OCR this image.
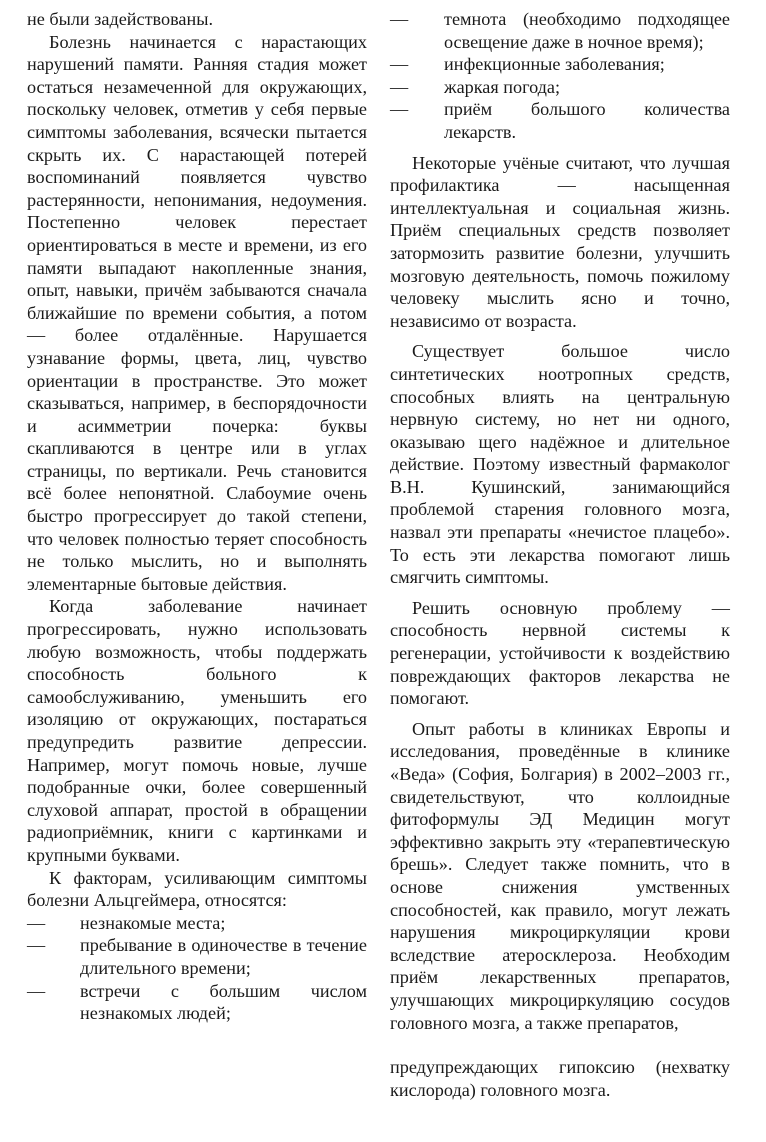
не были задействованы.

Болезнь начинается с нарастающих нарушений памяти. Ранняя стадия может остаться незамеченной для окружающих, поскольку человек, отметив у себя первые симптомы заболевания, всячески пытается скрыть их. С нарастающей потерей воспоминаний появляется чувство растерянности, непонимания, недоумения. Постепенно человек перестает ориентироваться в месте и времени, из его памяти выпадают накопленные знания, опыт, навыки, причём забываются сначала ближайшие по времени события, а потом — более отдалённые. Нарушается узнавание формы, цвета, лиц, чувство ориентации в пространстве. Это может сказываться, например, в беспорядочности и асимметрии почерка: буквы скапливаются в центре или в углах страницы, по вертикали. Речь становится всё более непонятной. Слабоумие очень быстро прогрессирует до такой степени, что человек полностью теряет способность не только мыслить, но и выполнять элементарные бытовые действия.

Когда заболевание начинает прогрессировать, нужно использовать любую возможность, чтобы поддержать способность больного к самообслуживанию, уменьшить его изоляцию от окружающих, постараться предупредить развитие депрессии. Например, могут помочь новые, лучше подобранные очки, более совершенный слуховой аппарат, простой в обращении радиоприёмник, книги с картинками и крупными буквами.

К факторам, усиливающим симптомы болезни Альцгеймера, относятся:

— незнакомые места;
— пребывание в одиночестве в течение длительного времени;
— встречи с большим числом незнакомых людей;
— темнота (необходимо подходящее освещение даже в ночное время);
— инфекционные заболевания;
— жаркая погода;
— приём большого количества лекарств.

Некоторые учёные считают, что лучшая профилактика — насыщенная интеллектуальная и социальная жизнь. Приём специальных средств позволяет затормозить развитие болезни, улучшить мозговую деятельность, помочь пожилому человеку мыслить ясно и точно, независимо от возраста.

Существует большое число синтетических ноотропных средств, способных влиять на центральную нервную систему, но нет ни одного, оказываю щего надёжное и длительное действие. Поэтому известный фармаколог В.Н. Кушинский, занимающийся проблемой старения головного мозга, назвал эти препараты «нечистое плацебо». То есть эти лекарства помогают лишь смягчить симптомы.

Решить основную проблему — способность нервной системы к регенерации, устойчивости к воздействию повреждающих факторов лекарства не помогают.

Опыт работы в клиниках Европы и исследования, проведённые в клинике «Веда» (София, Болгария) в 2002–2003 гг., свидетельствуют, что коллоидные фитоформулы ЭД Медицин могут эффективно закрыть эту «терапевтическую брешь». Следует также помнить, что в основе снижения умственных способностей, как правило, могут лежать нарушения микроциркуляции крови вследствие атеросклероза. Необходим приём лекарственных препаратов, улучшающих микроциркуляцию сосудов головного мозга, а также препаратов,

предупреждающих гипоксию (нехватку кислорода) головного мозга.
